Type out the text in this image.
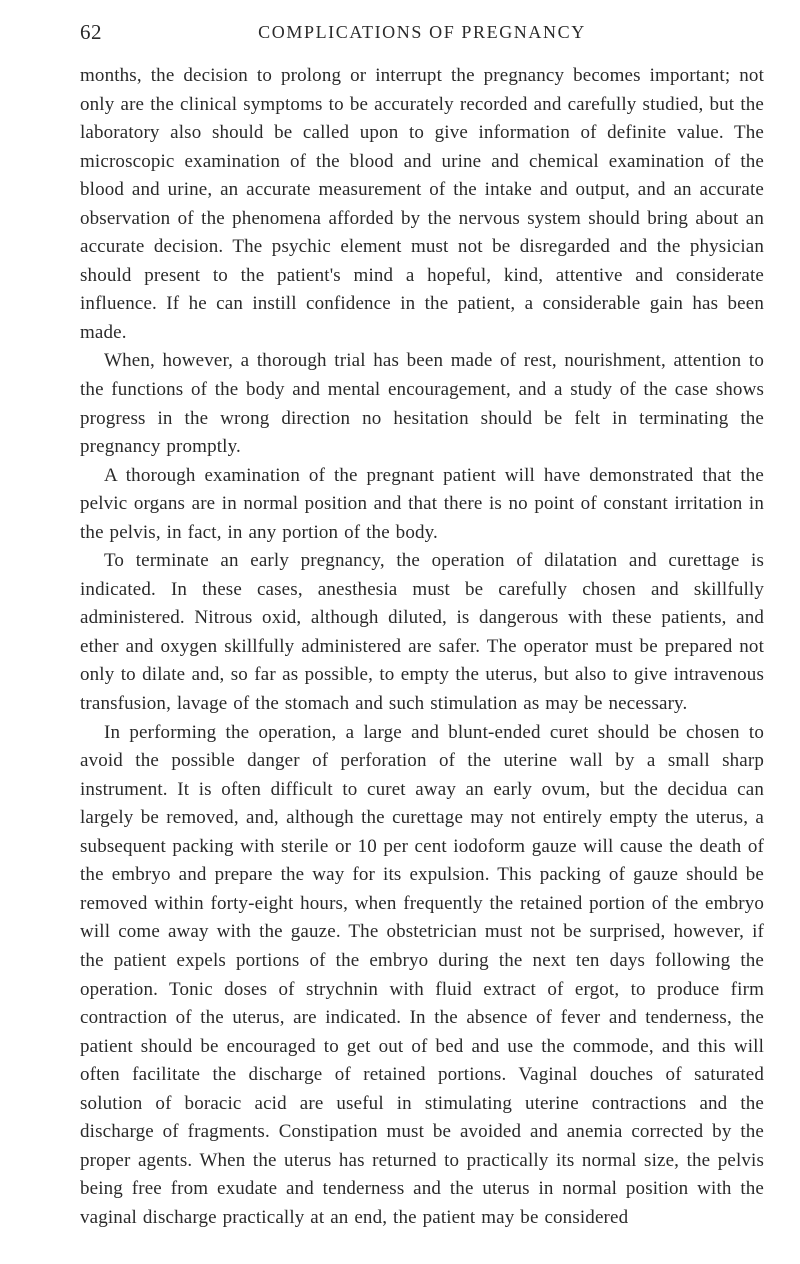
62	COMPLICATIONS OF PREGNANCY

months, the decision to prolong or interrupt the pregnancy becomes important; not only are the clinical symptoms to be accurately recorded and carefully studied, but the laboratory also should be called upon to give information of definite value. The microscopic examination of the blood and urine and chemical examination of the blood and urine, an accurate measurement of the intake and output, and an accurate observation of the phenomena afforded by the nervous system should bring about an accurate decision. The psychic element must not be disregarded and the physician should present to the patient's mind a hopeful, kind, attentive and considerate influence. If he can instill confidence in the patient, a considerable gain has been made.

When, however, a thorough trial has been made of rest, nourishment, attention to the functions of the body and mental encouragement, and a study of the case shows progress in the wrong direction no hesitation should be felt in terminating the pregnancy promptly.

A thorough examination of the pregnant patient will have demonstrated that the pelvic organs are in normal position and that there is no point of constant irritation in the pelvis, in fact, in any portion of the body.

To terminate an early pregnancy, the operation of dilatation and curettage is indicated. In these cases, anesthesia must be carefully chosen and skillfully administered. Nitrous oxid, although diluted, is dangerous with these patients, and ether and oxygen skillfully administered are safer. The operator must be prepared not only to dilate and, so far as possible, to empty the uterus, but also to give intravenous transfusion, lavage of the stomach and such stimulation as may be necessary.

In performing the operation, a large and blunt-ended curet should be chosen to avoid the possible danger of perforation of the uterine wall by a small sharp instrument. It is often difficult to curet away an early ovum, but the decidua can largely be removed, and, although the curettage may not entirely empty the uterus, a subsequent packing with sterile or 10 per cent iodoform gauze will cause the death of the embryo and prepare the way for its expulsion. This packing of gauze should be removed within forty-eight hours, when frequently the retained portion of the embryo will come away with the gauze. The obstetrician must not be surprised, however, if the patient expels portions of the embryo during the next ten days following the operation. Tonic doses of strychnin with fluid extract of ergot, to produce firm contraction of the uterus, are indicated. In the absence of fever and tenderness, the patient should be encouraged to get out of bed and use the commode, and this will often facilitate the discharge of retained portions. Vaginal douches of saturated solution of boracic acid are useful in stimulating uterine contractions and the discharge of fragments. Constipation must be avoided and anemia corrected by the proper agents. When the uterus has returned to practically its normal size, the pelvis being free from exudate and tenderness and the uterus in normal position with the vaginal discharge practically at an end, the patient may be considered
